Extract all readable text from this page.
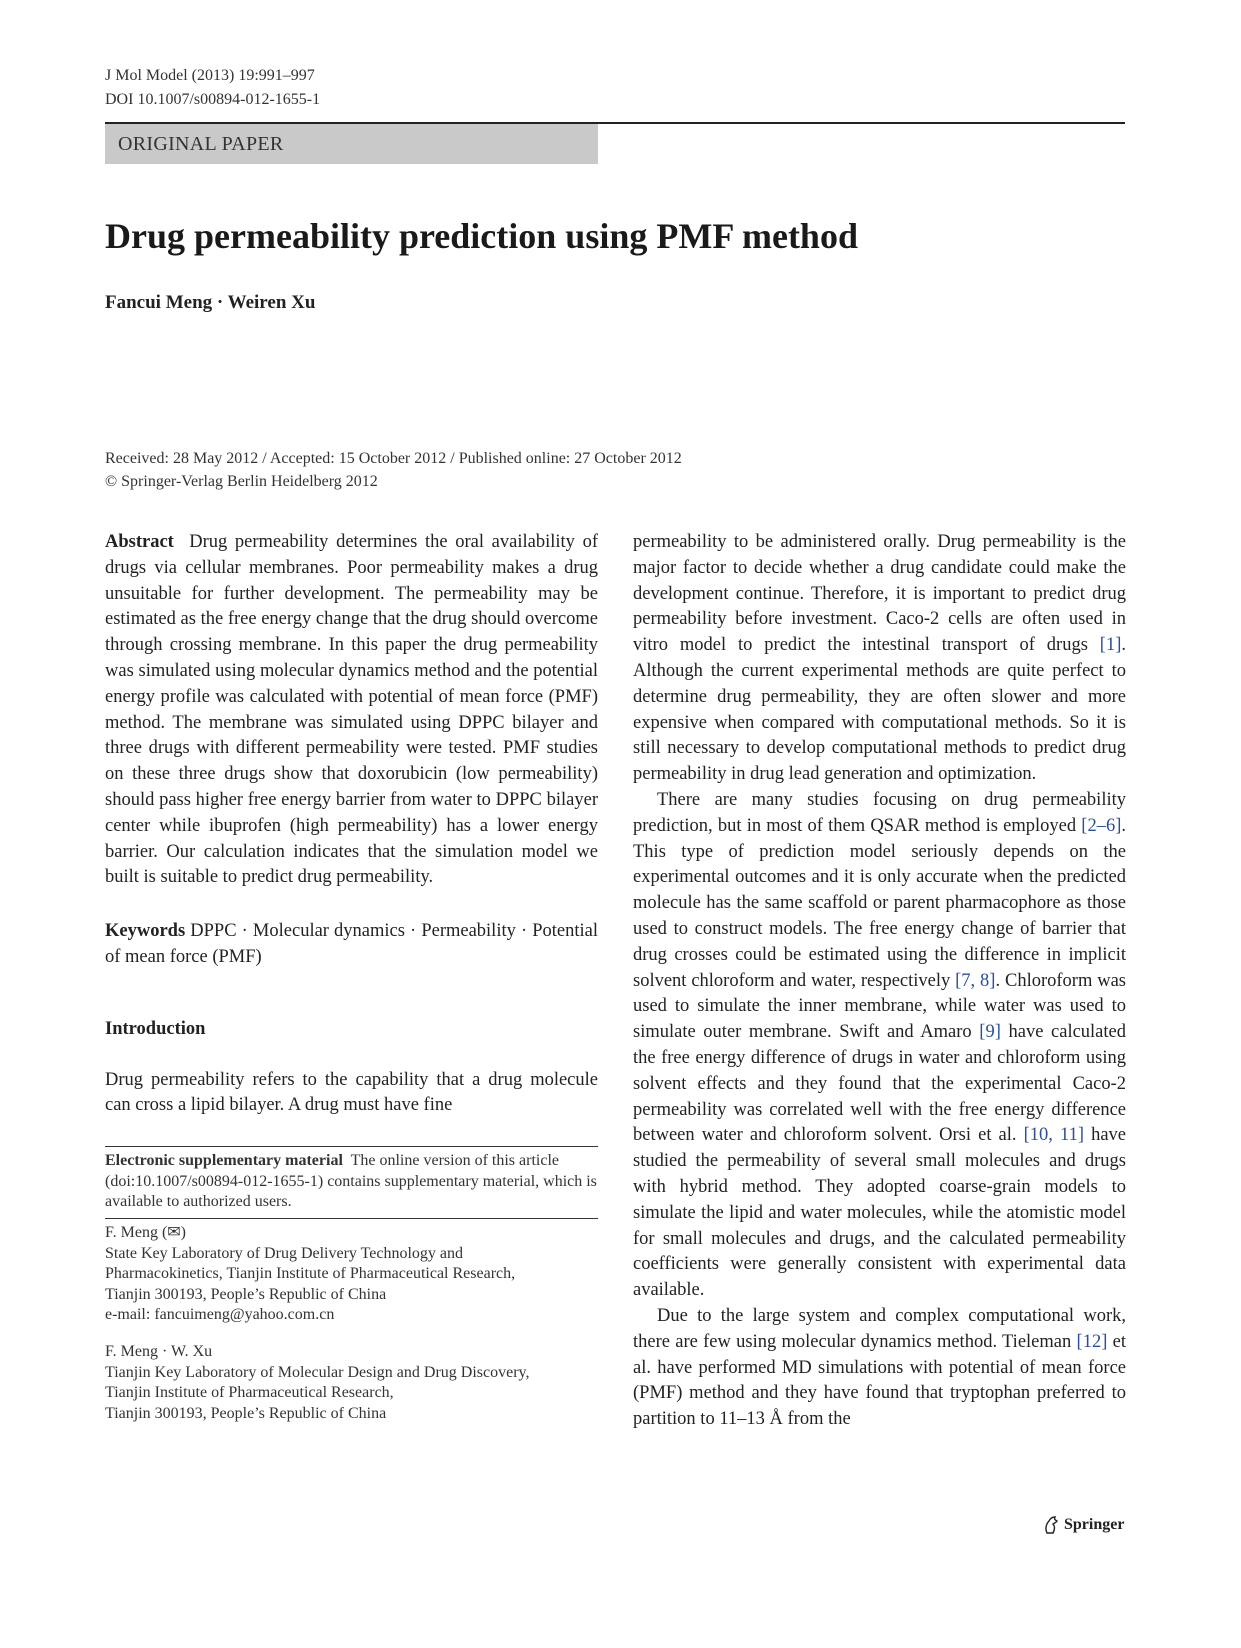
J Mol Model (2013) 19:991–997
DOI 10.1007/s00894-012-1655-1
ORIGINAL PAPER
Drug permeability prediction using PMF method
Fancui Meng · Weiren Xu
Received: 28 May 2012 / Accepted: 15 October 2012 / Published online: 27 October 2012
© Springer-Verlag Berlin Heidelberg 2012

Abstract Drug permeability determines the oral availability of drugs via cellular membranes. Poor permeability makes a drug unsuitable for further development. The permeability may be estimated as the free energy change that the drug should overcome through crossing membrane. In this paper the drug permeability was simulated using molecular dynamics method and the potential energy profile was calculated with potential of mean force (PMF) method. The membrane was simulated using DPPC bilayer and three drugs with different permeability were tested. PMF studies on these three drugs show that doxorubicin (low permeability) should pass higher free energy barrier from water to DPPC bilayer center while ibuprofen (high permeability) has a lower energy barrier. Our calculation indicates that the simulation model we built is suitable to predict drug permeability.

Keywords DPPC · Molecular dynamics · Permeability · Potential of mean force (PMF)

Introduction

Drug permeability refers to the capability that a drug molecule can cross a lipid bilayer. A drug must have fine

Electronic supplementary material The online version of this article (doi:10.1007/s00894-012-1655-1) contains supplementary material, which is available to authorized users.
F. Meng (✉)
State Key Laboratory of Drug Delivery Technology and
Pharmacokinetics, Tianjin Institute of Pharmaceutical Research,
Tianjin 300193, People’s Republic of China
e-mail: fancuimeng@yahoo.com.cn
F. Meng · W. Xu
Tianjin Key Laboratory of Molecular Design and Drug Discovery,
Tianjin Institute of Pharmaceutical Research,
Tianjin 300193, People’s Republic of China

permeability to be administered orally. Drug permeability is the major factor to decide whether a drug candidate could make the development continue. Therefore, it is important to predict drug permeability before investment. Caco-2 cells are often used in vitro model to predict the intestinal transport of drugs [1]. Although the current experimental methods are quite perfect to determine drug permeability, they are often slower and more expensive when compared with computational methods. So it is still necessary to develop computational methods to predict drug permeability in drug lead generation and optimization.

There are many studies focusing on drug permeability prediction, but in most of them QSAR method is employed [2–6]. This type of prediction model seriously depends on the experimental outcomes and it is only accurate when the predicted molecule has the same scaffold or parent pharmacophore as those used to construct models. The free energy change of barrier that drug crosses could be estimated using the difference in implicit solvent chloroform and water, respectively [7, 8]. Chloroform was used to simulate the inner membrane, while water was used to simulate outer membrane. Swift and Amaro [9] have calculated the free energy difference of drugs in water and chloroform using solvent effects and they found that the experimental Caco-2 permeability was correlated well with the free energy difference between water and chloroform solvent. Orsi et al. [10, 11] have studied the permeability of several small molecules and drugs with hybrid method. They adopted coarse-grain models to simulate the lipid and water molecules, while the atomistic model for small molecules and drugs, and the calculated permeability coefficients were generally consistent with experimental data available.

Due to the large system and complex computational work, there are few using molecular dynamics method. Tieleman [12] et al. have performed MD simulations with potential of mean force (PMF) method and they have found that tryptophan preferred to partition to 11–13 Å from the

Springer
